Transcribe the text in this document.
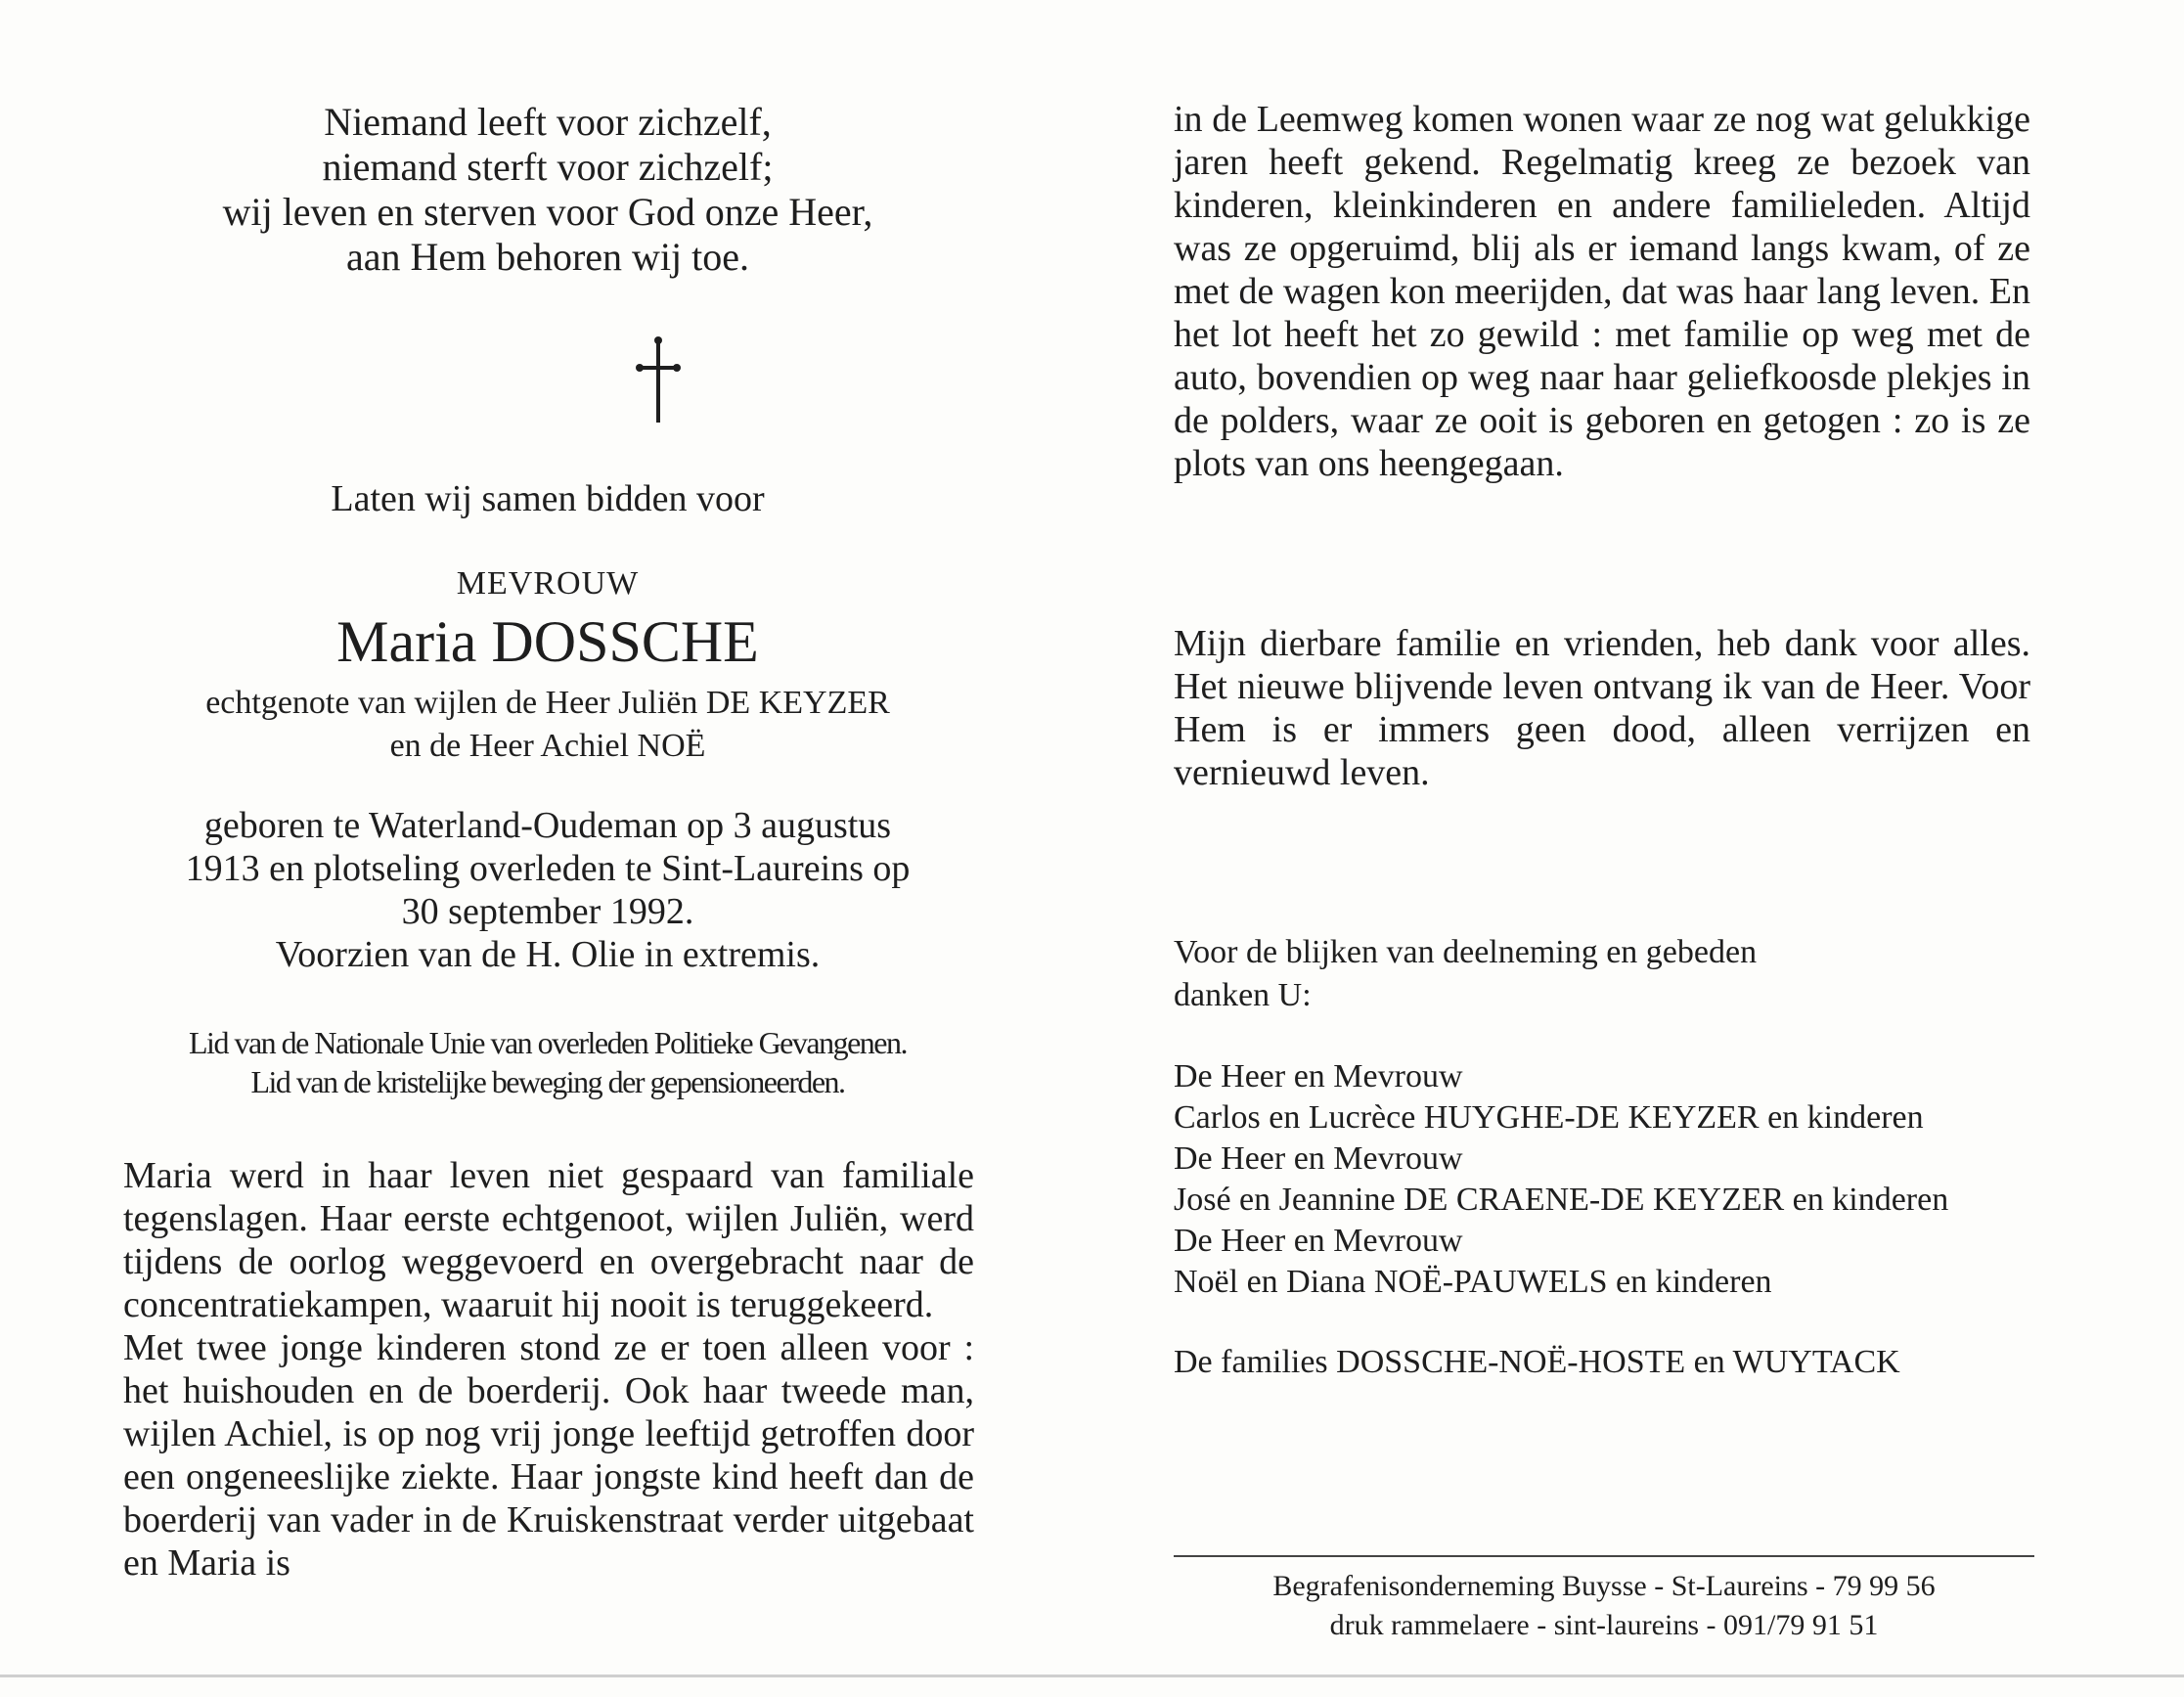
Niemand leeft voor zichzelf,
niemand sterft voor zichzelf;
wij leven en sterven voor God onze Heer,
aan Hem behoren wij toe.
Laten wij samen bidden voor
MEVROUW
Maria DOSSCHE
echtgenote van wijlen de Heer Juliën DE KEYZER
en de Heer Achiel NOË
geboren te Waterland-Oudeman op 3 augustus
1913 en plotseling overleden te Sint-Laureins op
30 september 1992.
Voorzien van de H. Olie in extremis.
Lid van de Nationale Unie van overleden Politieke Gevangenen.
Lid van de kristelijke beweging der gepensioneerden.

Maria werd in haar leven niet gespaard van familiale tegenslagen. Haar eerste echtgenoot, wijlen Juliën, werd tijdens de oorlog weggevoerd en overgebracht naar de concentratiekampen, waaruit hij nooit is teruggekeerd.

Met twee jonge kinderen stond ze er toen alleen voor : het huishouden en de boerderij. Ook haar tweede man, wijlen Achiel, is op nog vrij jonge leeftijd getroffen door een ongeneeslijke ziekte. Haar jongste kind heeft dan de boerderij van vader in de Kruiskenstraat verder uitgebaat en Maria is

in de Leemweg komen wonen waar ze nog wat gelukkige jaren heeft gekend. Regelmatig kreeg ze bezoek van kinderen, kleinkinderen en andere familieleden. Altijd was ze opgeruimd, blij als er iemand langs kwam, of ze met de wagen kon meerijden, dat was haar lang leven. En het lot heeft het zo gewild : met familie op weg met de auto, bovendien op weg naar haar geliefkoosde plekjes in de polders, waar ze ooit is geboren en getogen : zo is ze plots van ons heengegaan.

Mijn dierbare familie en vrienden, heb dank voor alles. Het nieuwe blijvende leven ontvang ik van de Heer. Voor Hem is er immers geen dood, alleen verrijzen en vernieuwd leven.

Voor de blijken van deelneming en gebeden
danken U:
De Heer en Mevrouw
Carlos en Lucrèce HUYGHE-DE KEYZER en kinderen
De Heer en Mevrouw
José en Jeannine DE CRAENE-DE KEYZER en kinderen
De Heer en Mevrouw
Noël en Diana NOË-PAUWELS en kinderen
De families DOSSCHE-NOË-HOSTE en WUYTACK
Begrafenisonderneming Buysse - St-Laureins - 79 99 56
druk rammelaere - sint-laureins - 091/79 91 51
